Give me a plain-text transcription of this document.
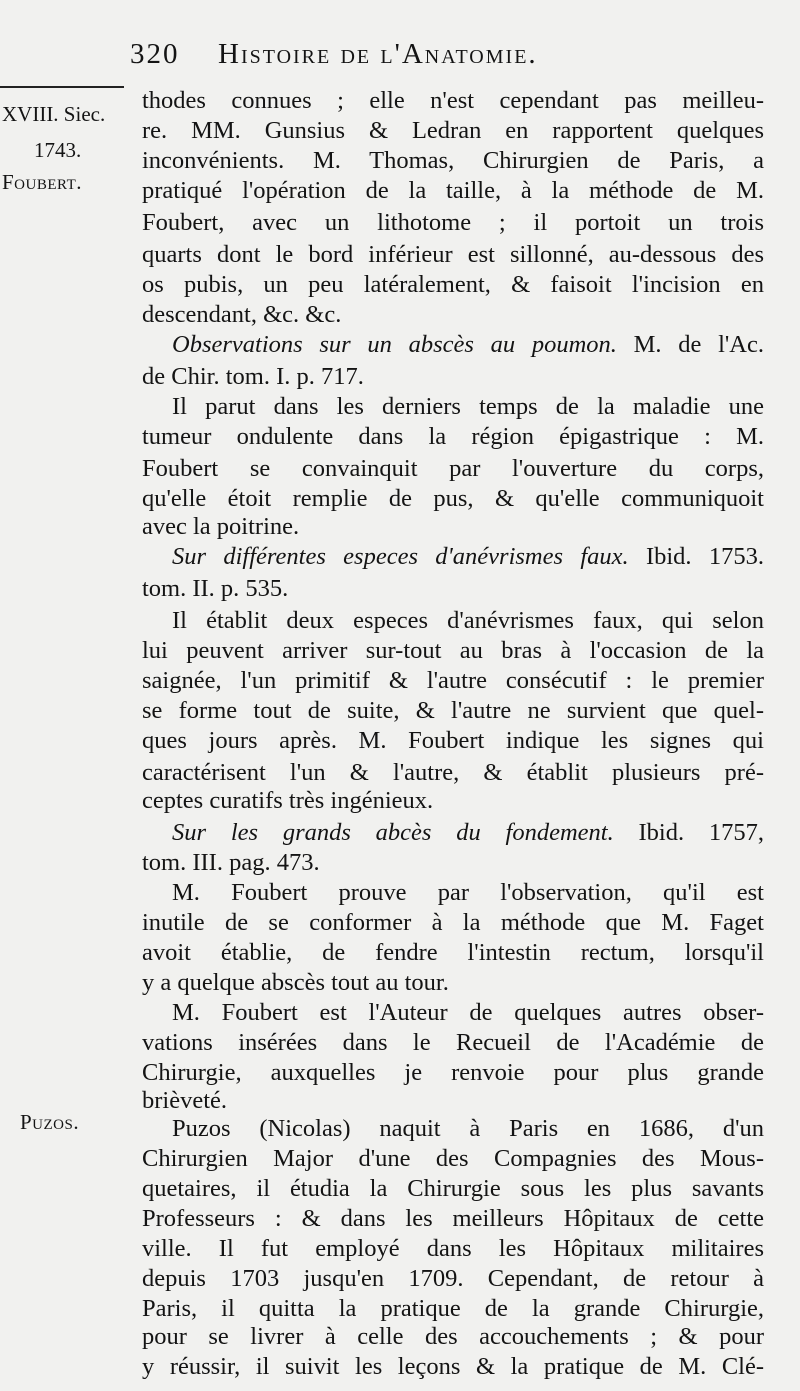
320 Histoire de l'Anatomie.
XVIII. Siec.
1743.
Foubert.
Puzos.
thodes connues ; elle n'est cependant pas meilleu-
re. MM. Gunsius & Ledran en rapportent quelques
inconvénients. M. Thomas, Chirurgien de Paris, a
pratiqué l'opération de la taille, à la méthode de M.
Foubert, avec un lithotome ; il portoit un trois
quarts dont le bord inférieur est sillonné, au-dessous des
os pubis, un peu latéralement, & faisoit l'incision en
descendant, &c. &c.
Observations sur un abscès au poumon. M. de l'Ac.
de Chir. tom. I. p. 717.
Il parut dans les derniers temps de la maladie une
tumeur ondulente dans la région épigastrique : M.
Foubert se convainquit par l'ouverture du corps,
qu'elle étoit remplie de pus, & qu'elle communiquoit
avec la poitrine.
Sur différentes especes d'anévrismes faux. Ibid. 1753.
tom. II. p. 535.
Il établit deux especes d'anévrismes faux, qui selon
lui peuvent arriver sur-tout au bras à l'occasion de la
saignée, l'un primitif & l'autre consécutif : le premier
se forme tout de suite, & l'autre ne survient que quel-
ques jours après. M. Foubert indique les signes qui
caractérisent l'un & l'autre, & établit plusieurs pré-
ceptes curatifs très ingénieux.
Sur les grands abcès du fondement. Ibid. 1757,
tom. III. pag. 473.
M. Foubert prouve par l'observation, qu'il est
inutile de se conformer à la méthode que M. Faget
avoit établie, de fendre l'intestin rectum, lorsqu'il
y a quelque abscès tout au tour.
M. Foubert est l'Auteur de quelques autres obser-
vations insérées dans le Recueil de l'Académie de
Chirurgie, auxquelles je renvoie pour plus grande
brièveté.
Puzos (Nicolas) naquit à Paris en 1686, d'un
Chirurgien Major d'une des Compagnies des Mous-
quetaires, il étudia la Chirurgie sous les plus savants
Professeurs : & dans les meilleurs Hôpitaux de cette
ville. Il fut employé dans les Hôpitaux militaires
depuis 1703 jusqu'en 1709. Cependant, de retour à
Paris, il quitta la pratique de la grande Chirurgie,
pour se livrer à celle des accouchements ; & pour
y réussir, il suivit les leçons & la pratique de M. Clé-
